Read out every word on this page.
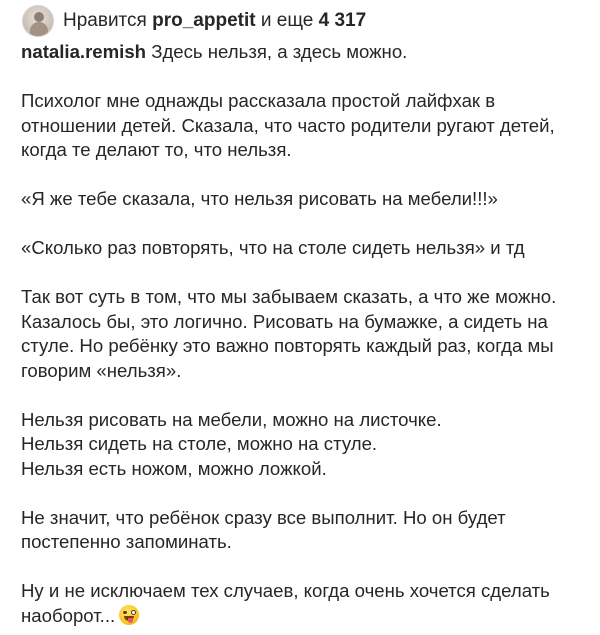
Нравится pro_appetit и еще 4 317

natalia.remish Здесь нельзя, а здесь можно.

Психолог мне однажды рассказала простой лайфхак в
отношении детей. Сказала, что часто родители ругают детей,
когда те делают то, что нельзя.

«Я же тебе сказала, что нельзя рисовать на мебели!!!»

«Сколько раз повторять, что на столе сидеть нельзя» и тд

Так вот суть в том, что мы забываем сказать, а что же можно.
Казалось бы, это логично. Рисовать на бумажке, а сидеть на
стуле. Но ребёнку это важно повторять каждый раз, когда мы
говорим «нельзя».

Нельзя рисовать на мебели, можно на листочке.
Нельзя сидеть на столе, можно на стуле.
Нельзя есть ножом, можно ложкой.

Не значит, что ребёнок сразу все выполнит. Но он будет
постепенно запоминать.

Ну и не исключаем тех случаев, когда очень хочется сделать
наоборот...
